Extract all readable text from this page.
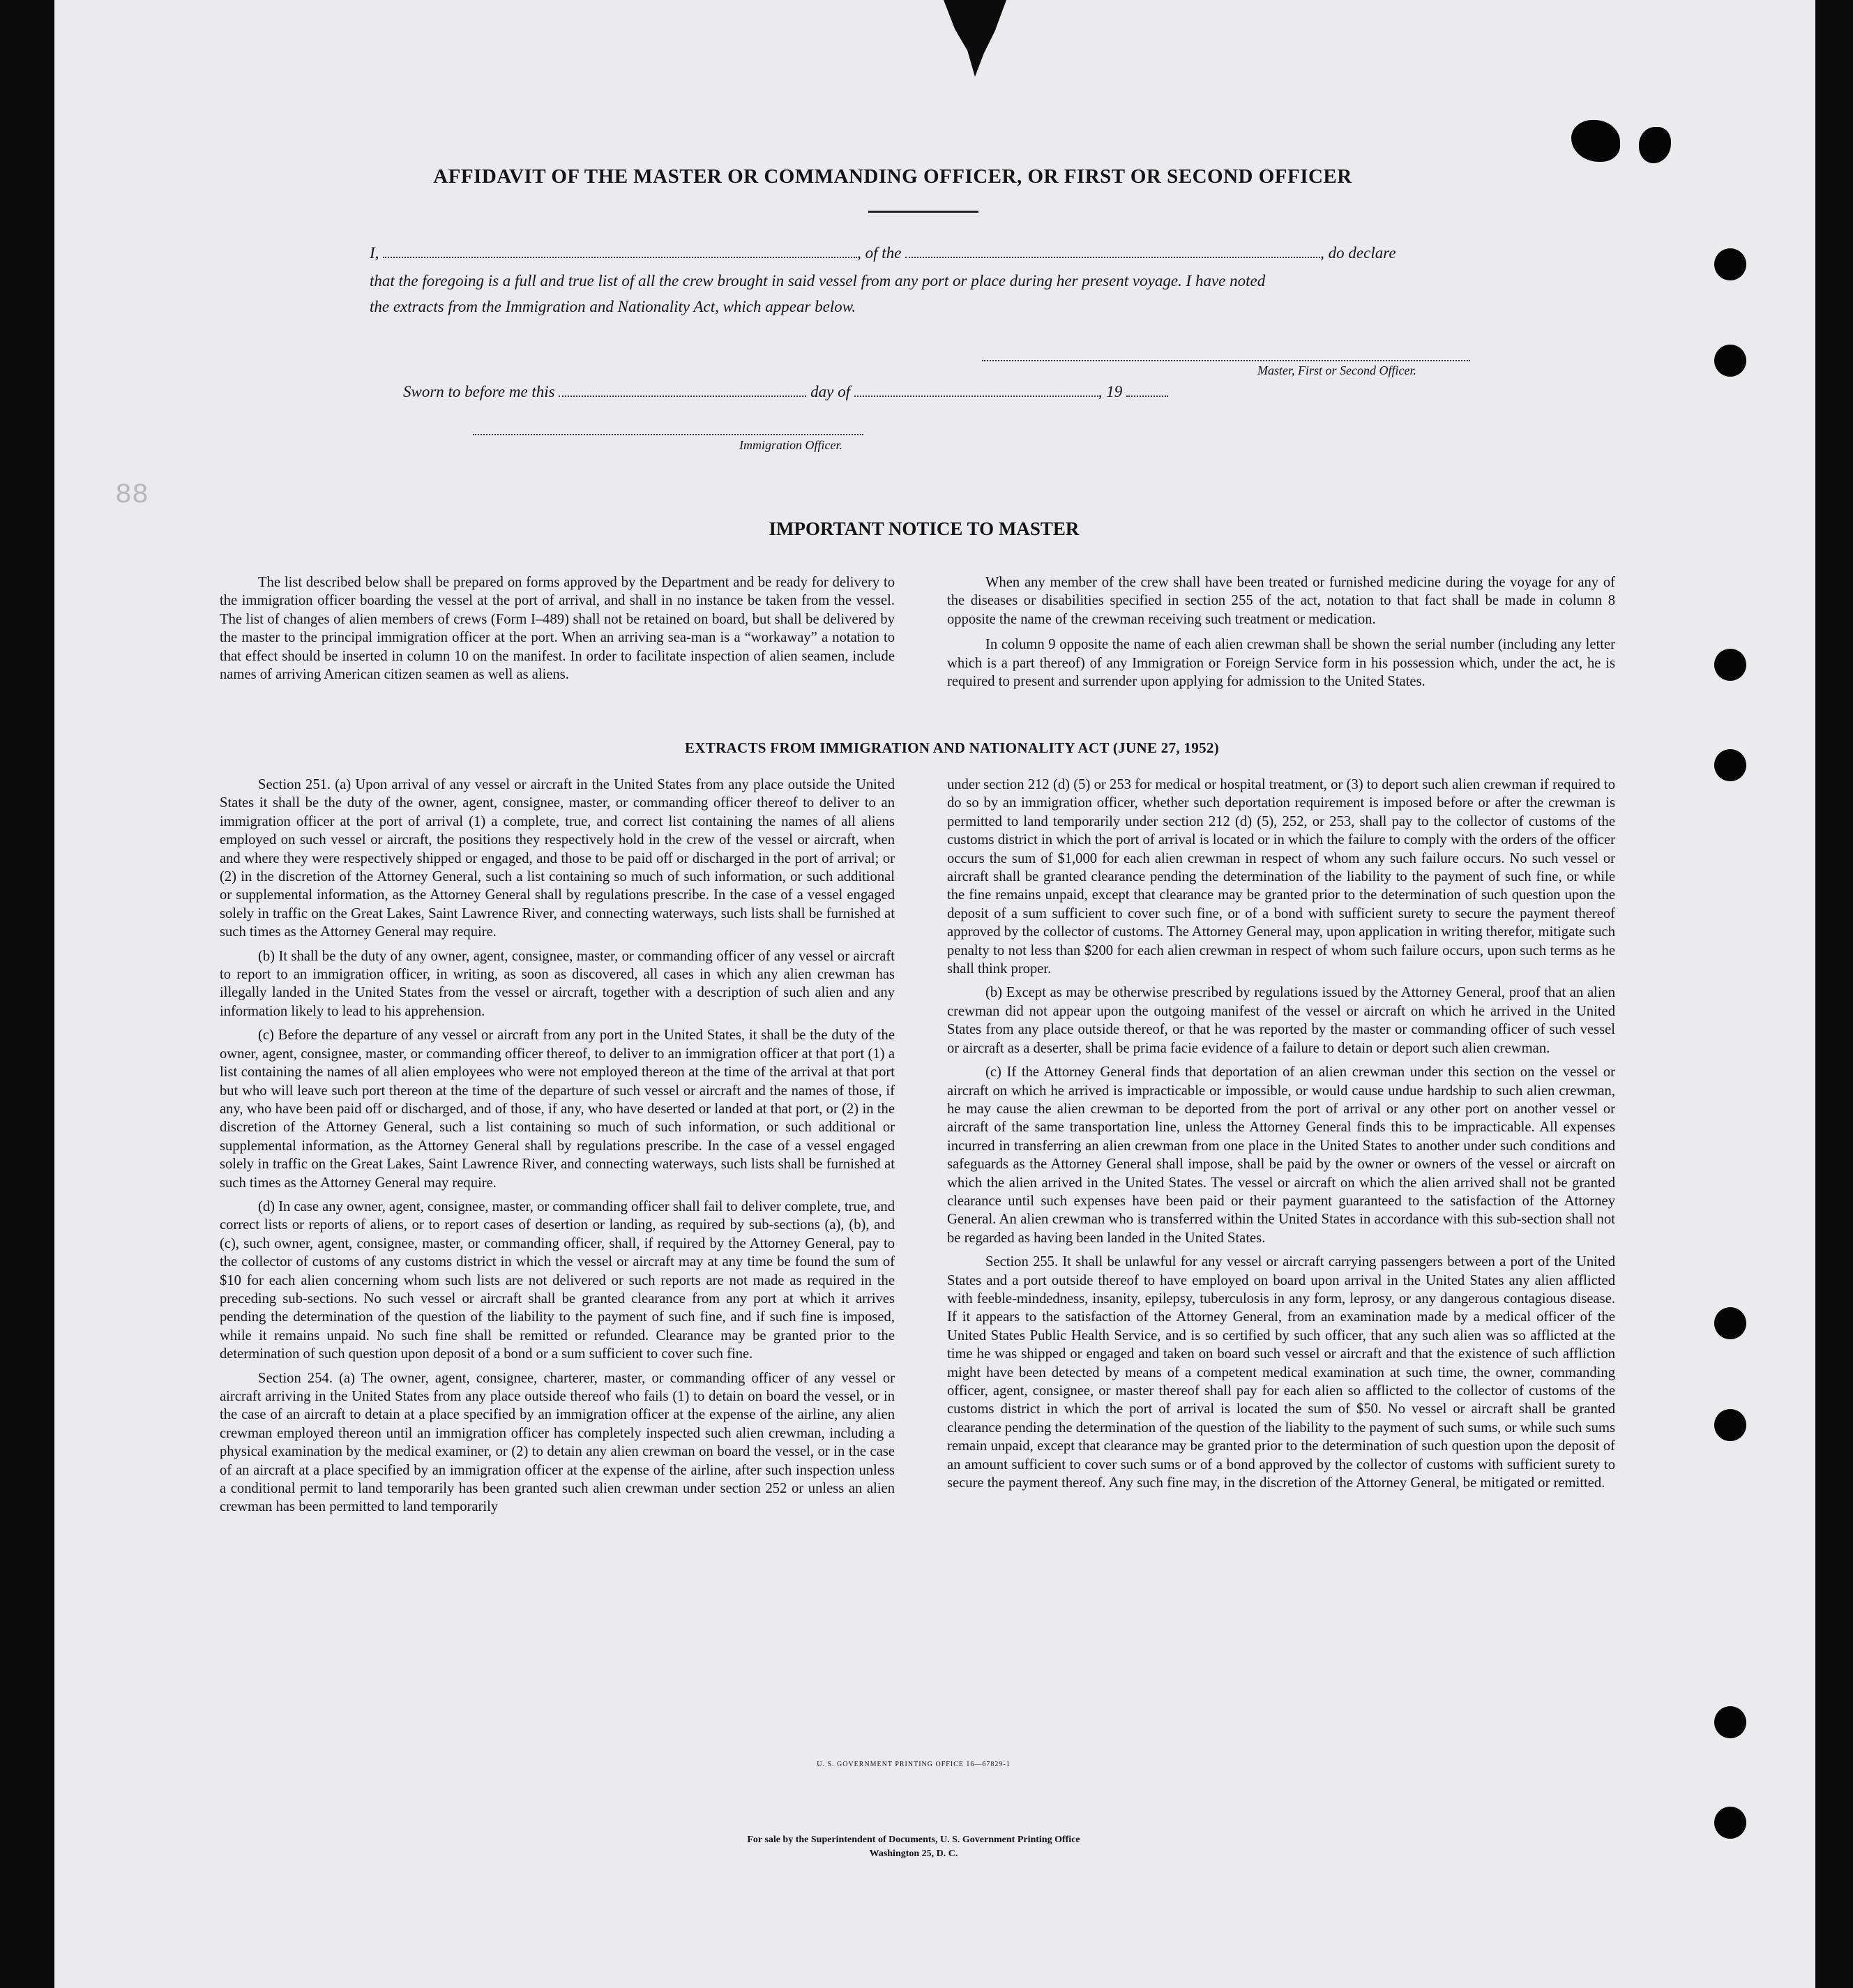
88
AFFIDAVIT OF THE MASTER OR COMMANDING OFFICER, OR FIRST OR SECOND OFFICER
I,	, of the	, do declare
that the foregoing is a full and true list of all the crew brought in said vessel from any port or place during her present voyage. I have noted
the extracts from the Immigration and Nationality Act, which appear below.
Master, First or Second Officer.
Sworn to before me this	day of	, 19
Immigration Officer.
IMPORTANT NOTICE TO MASTER

The list described below shall be prepared on forms approved by the Department and be ready for delivery to the immigration officer boarding the vessel at the port of arrival, and shall in no instance be taken from the vessel. The list of changes of alien members of crews (Form I–489) shall not be retained on board, but shall be delivered by the master to the principal immigration officer at the port. When an arriving sea-man is a “workaway” a notation to that effect should be inserted in column 10 on the manifest. In order to facilitate inspection of alien seamen, include names of arriving American citizen seamen as well as aliens.

When any member of the crew shall have been treated or furnished medicine during the voyage for any of the diseases or disabilities specified in section 255 of the act, notation to that fact shall be made in column 8 opposite the name of the crewman receiving such treatment or medication.

In column 9 opposite the name of each alien crewman shall be shown the serial number (including any letter which is a part thereof) of any Immigration or Foreign Service form in his possession which, under the act, he is required to present and surrender upon applying for admission to the United States.

EXTRACTS FROM IMMIGRATION AND NATIONALITY ACT (JUNE 27, 1952)

Section 251. (a) Upon arrival of any vessel or aircraft in the United States from any place outside the United States it shall be the duty of the owner, agent, consignee, master, or commanding officer thereof to deliver to an immigration officer at the port of arrival (1) a complete, true, and correct list containing the names of all aliens employed on such vessel or aircraft, the positions they respectively hold in the crew of the vessel or aircraft, when and where they were respectively shipped or engaged, and those to be paid off or discharged in the port of arrival; or (2) in the discretion of the Attorney General, such a list containing so much of such information, or such additional or supplemental information, as the Attorney General shall by regulations prescribe. In the case of a vessel engaged solely in traffic on the Great Lakes, Saint Lawrence River, and connecting waterways, such lists shall be furnished at such times as the Attorney General may require.

(b) It shall be the duty of any owner, agent, consignee, master, or commanding officer of any vessel or aircraft to report to an immigration officer, in writing, as soon as discovered, all cases in which any alien crewman has illegally landed in the United States from the vessel or aircraft, together with a description of such alien and any information likely to lead to his apprehension.

(c) Before the departure of any vessel or aircraft from any port in the United States, it shall be the duty of the owner, agent, consignee, master, or commanding officer thereof, to deliver to an immigration officer at that port (1) a list containing the names of all alien employees who were not employed thereon at the time of the arrival at that port but who will leave such port thereon at the time of the departure of such vessel or aircraft and the names of those, if any, who have been paid off or discharged, and of those, if any, who have deserted or landed at that port, or (2) in the discretion of the Attorney General, such a list containing so much of such information, or such additional or supplemental information, as the Attorney General shall by regulations prescribe. In the case of a vessel engaged solely in traffic on the Great Lakes, Saint Lawrence River, and connecting waterways, such lists shall be furnished at such times as the Attorney General may require.

(d) In case any owner, agent, consignee, master, or commanding officer shall fail to deliver complete, true, and correct lists or reports of aliens, or to report cases of desertion or landing, as required by sub-sections (a), (b), and (c), such owner, agent, consignee, master, or commanding officer, shall, if required by the Attorney General, pay to the collector of customs of any customs district in which the vessel or aircraft may at any time be found the sum of $10 for each alien concerning whom such lists are not delivered or such reports are not made as required in the preceding sub-sections. No such vessel or aircraft shall be granted clearance from any port at which it arrives pending the determination of the question of the liability to the payment of such fine, and if such fine is imposed, while it remains unpaid. No such fine shall be remitted or refunded. Clearance may be granted prior to the determination of such question upon deposit of a bond or a sum sufficient to cover such fine.

Section 254. (a) The owner, agent, consignee, charterer, master, or commanding officer of any vessel or aircraft arriving in the United States from any place outside thereof who fails (1) to detain on board the vessel, or in the case of an aircraft to detain at a place specified by an immigration officer at the expense of the airline, any alien crewman employed thereon until an immigration officer has completely inspected such alien crewman, including a physical examination by the medical examiner, or (2) to detain any alien crewman on board the vessel, or in the case of an aircraft at a place specified by an immigration officer at the expense of the airline, after such inspection unless a conditional permit to land temporarily has been granted such alien crewman under section 252 or unless an alien crewman has been permitted to land temporarily

under section 212 (d) (5) or 253 for medical or hospital treatment, or (3) to deport such alien crewman if required to do so by an immigration officer, whether such deportation requirement is imposed before or after the crewman is permitted to land temporarily under section 212 (d) (5), 252, or 253, shall pay to the collector of customs of the customs district in which the port of arrival is located or in which the failure to comply with the orders of the officer occurs the sum of $1,000 for each alien crewman in respect of whom any such failure occurs. No such vessel or aircraft shall be granted clearance pending the determination of the liability to the payment of such fine, or while the fine remains unpaid, except that clearance may be granted prior to the determination of such question upon the deposit of a sum sufficient to cover such fine, or of a bond with sufficient surety to secure the payment thereof approved by the collector of customs. The Attorney General may, upon application in writing therefor, mitigate such penalty to not less than $200 for each alien crewman in respect of whom such failure occurs, upon such terms as he shall think proper.

(b) Except as may be otherwise prescribed by regulations issued by the Attorney General, proof that an alien crewman did not appear upon the outgoing manifest of the vessel or aircraft on which he arrived in the United States from any place outside thereof, or that he was reported by the master or commanding officer of such vessel or aircraft as a deserter, shall be prima facie evidence of a failure to detain or deport such alien crewman.

(c) If the Attorney General finds that deportation of an alien crewman under this section on the vessel or aircraft on which he arrived is impracticable or impossible, or would cause undue hardship to such alien crewman, he may cause the alien crewman to be deported from the port of arrival or any other port on another vessel or aircraft of the same transportation line, unless the Attorney General finds this to be impracticable. All expenses incurred in transferring an alien crewman from one place in the United States to another under such conditions and safeguards as the Attorney General shall impose, shall be paid by the owner or owners of the vessel or aircraft on which the alien arrived in the United States. The vessel or aircraft on which the alien arrived shall not be granted clearance until such expenses have been paid or their payment guaranteed to the satisfaction of the Attorney General. An alien crewman who is transferred within the United States in accordance with this sub-section shall not be regarded as having been landed in the United States.

Section 255. It shall be unlawful for any vessel or aircraft carrying passengers between a port of the United States and a port outside thereof to have employed on board upon arrival in the United States any alien afflicted with feeble-mindedness, insanity, epilepsy, tuberculosis in any form, leprosy, or any dangerous contagious disease. If it appears to the satisfaction of the Attorney General, from an examination made by a medical officer of the United States Public Health Service, and is so certified by such officer, that any such alien was so afflicted at the time he was shipped or engaged and taken on board such vessel or aircraft and that the existence of such affliction might have been detected by means of a competent medical examination at such time, the owner, commanding officer, agent, consignee, or master thereof shall pay for each alien so afflicted to the collector of customs of the customs district in which the port of arrival is located the sum of $50. No vessel or aircraft shall be granted clearance pending the determination of the question of the liability to the payment of such sums, or while such sums remain unpaid, except that clearance may be granted prior to the determination of such question upon the deposit of an amount sufficient to cover such sums or of a bond approved by the collector of customs with sufficient surety to secure the payment thereof. Any such fine may, in the discretion of the Attorney General, be mitigated or remitted.

U. S. GOVERNMENT PRINTING OFFICE 16—67829-1
For sale by the Superintendent of Documents, U. S. Government Printing Office
Washington 25, D. C.
